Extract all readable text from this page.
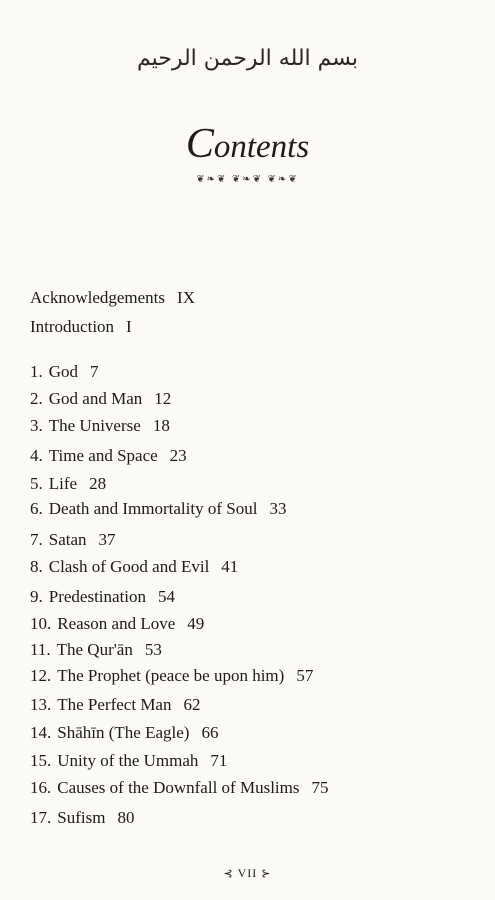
بسم الله الرحمن الرحيم
Contents
❦❧❦ ❦❧❦ ❦❧❦
Acknowledgements IX
Introduction I
1. God 7
2. God and Man 12
3. The Universe 18
4. Time and Space 23
5. Life 28
6. Death and Immortality of Soul 33
7. Satan 37
8. Clash of Good and Evil 41
9. Predestination 54
10. Reason and Love 49
11. The Qur'ān 53
12. The Prophet (peace be upon him) 57
13. The Perfect Man 62
14. Shāhīn (The Eagle) 66
15. Unity of the Ummah 71
16. Causes of the Downfall of Muslims 75
17. Sufism 80
⊰ VII ⊱
